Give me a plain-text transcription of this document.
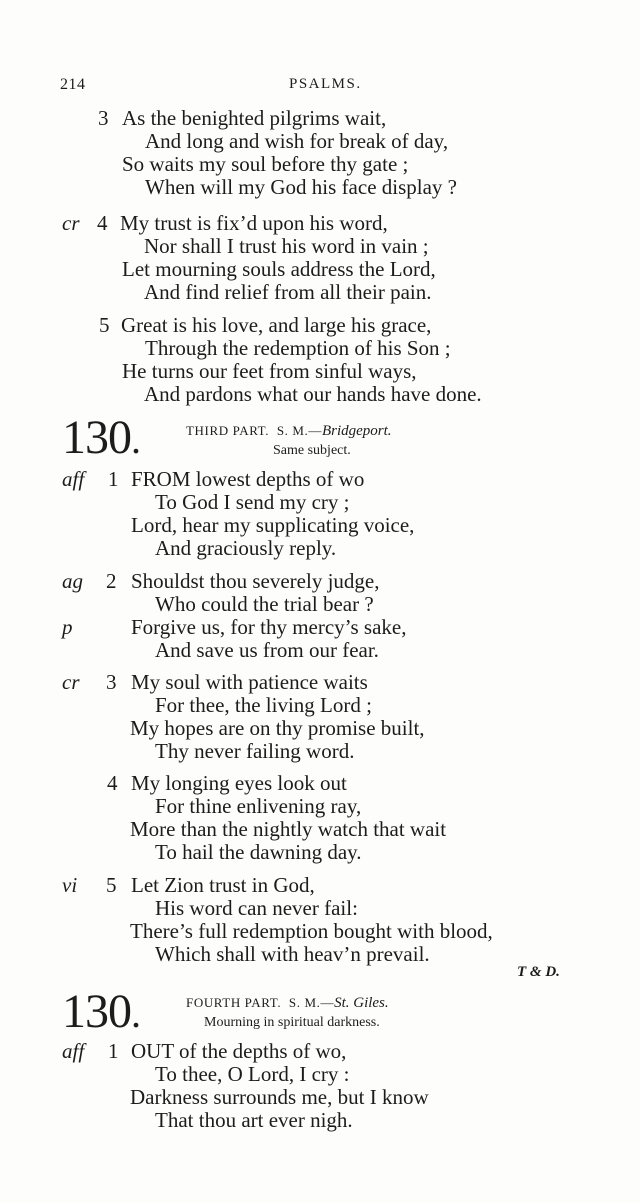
214	PSALMS.
3 As the benighted pilgrims wait,
And long and wish for break of day,
So waits my soul before thy gate ;
When will my God his face display ?
cr 4 My trust is fix’d upon his word,
Nor shall I trust his word in vain ;
Let mourning souls address the Lord,
And find relief from all their pain.
5 Great is his love, and large his grace,
Through the redemption of his Son ;
He turns our feet from sinful ways,
And pardons what our hands have done.
130.	THIRD PART. S. M.—Bridgeport.
Same subject.
aff 1 FROM lowest depths of wo
To God I send my cry ;
Lord, hear my supplicating voice,
And graciously reply.
ag 2 Shouldst thou severely judge,
Who could the trial bear ?
p	Forgive us, for thy mercy’s sake,
And save us from our fear.
cr 3 My soul with patience waits
For thee, the living Lord ;
My hopes are on thy promise built,
Thy never failing word.
4 My longing eyes look out
For thine enlivening ray,
More than the nightly watch that wait
To hail the dawning day.
vi 5 Let Zion trust in God,
His word can never fail:
There’s full redemption bought with blood,
Which shall with heav’n prevail.
T & D.
130.	FOURTH PART. S. M.—St. Giles.
Mourning in spiritual darkness.
aff 1 OUT of the depths of wo,
To thee, O Lord, I cry :
Darkness surrounds me, but I know
That thou art ever nigh.
